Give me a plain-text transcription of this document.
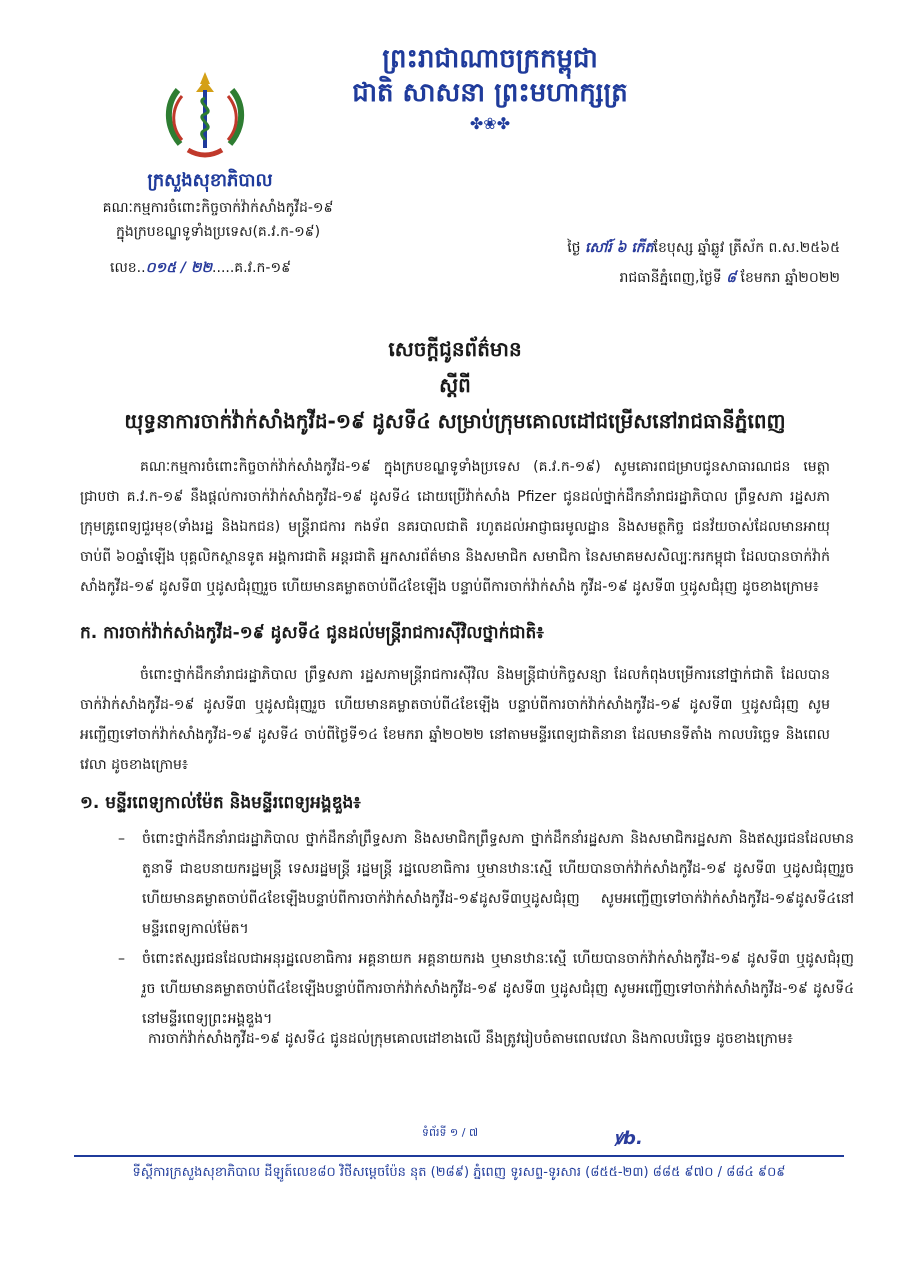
ព្រះរាជាណាចក្រកម្ពុជា
ជាតិ សាសនា ព្រះមហាក្សត្រ
✤❀✤
ក្រសួងសុខាភិបាល
គណៈកម្មការចំពោះកិច្ចចាក់វ៉ាក់សាំងកូវីដ-១៩
ក្នុងក្របខណ្ឌទូទាំងប្រទេស(គ.វ.ក-១៩)
លេខ..០១៥ / ២២.....គ.វ.ក-១៩
ថ្ងៃ សៅរ៍ ៦ កើតខែបុស្ស ឆ្នាំឆ្លូវ ត្រីស័ក ព.ស.២៥៦៥
រាជធានីភ្នំពេញ,ថ្ងៃទី ៨ ខែមករា ឆ្នាំ២០២២
សេចក្តីជូនព័ត៌មាន
ស្តីពី
យុទ្ធនាការចាក់វ៉ាក់សាំងកូវីដ-១៩ ដូសទី៤ សម្រាប់ក្រុមគោលដៅជម្រើសនៅរាជធានីភ្នំពេញ
គណៈកម្មការចំពោះកិច្ចចាក់វ៉ាក់សាំងកូវីដ-១៩ ក្នុងក្របខណ្ឌទូទាំងប្រទេស (គ.វ.ក-១៩) សូមគោរពជម្រាបជូនសាធារណជន មេត្តាជ្រាបថា គ.វ.ក-១៩ នឹងផ្តល់ការចាក់វ៉ាក់សាំងកូវីដ-១៩ ដូសទី៤ ដោយប្រើវ៉ាក់សាំង Pfizer ជូនដល់ថ្នាក់ដឹកនាំរាជរដ្ឋាភិបាល ព្រឹទ្ធសភា រដ្ឋសភា ក្រុមគ្រូពេទ្យជួរមុខ(ទាំងរដ្ឋ និងឯកជន) មន្ត្រីរាជការ កងទ័ព នគរបាលជាតិ រហូតដល់អាជ្ញាធរមូលដ្ឋាន និងសមត្ថកិច្ច ជនវ័យចាស់ដែលមានអាយុចាប់ពី ៦០ឆ្នាំឡើង បុគ្គលិកស្ថានទូត អង្គការជាតិ អន្តរជាតិ អ្នកសារព័ត៌មាន និងសមាជិក សមាជិកា នៃសមាគមសសិល្បៈករកម្ពុជា ដែលបានចាក់វ៉ាក់សាំងកូវីដ-១៩ ដូសទី៣ ឬដូសជំរុញរួច ហើយមានគម្លាតចាប់ពី៤ខែឡើង បន្ទាប់ពីការចាក់វ៉ាក់សាំង កូវីដ-១៩ ដូសទី៣ ឬដូសជំរុញ ដូចខាងក្រោម៖
ក. ការចាក់វ៉ាក់សាំងកូវីដ-១៩ ដូសទី៤ ជូនដល់មន្ត្រីរាជការស៊ីវិលថ្នាក់ជាតិ៖
ចំពោះថ្នាក់ដឹកនាំរាជរដ្ឋាភិបាល ព្រឹទ្ធសភា រដ្ឋសភាមន្ត្រីរាជការស៊ីវិល និងមន្ត្រីជាប់កិច្ចសន្យា ដែលកំពុងបម្រើការនៅថ្នាក់ជាតិ ដែលបានចាក់វ៉ាក់សាំងកូវីដ-១៩ ដូសទី៣ ឬដូសជំរុញរួច ហើយមានគម្លាតចាប់ពី៤ខែឡើង បន្ទាប់ពីការចាក់វ៉ាក់សាំងកូវីដ-១៩ ដូសទី៣ ឬដូសជំរុញ សូមអញ្ជើញទៅចាក់វ៉ាក់សាំងកូវីដ-១៩ ដូសទី៤ ចាប់ពីថ្ងៃទី១៤ ខែមករា ឆ្នាំ២០២២ នៅតាមមន្ទីរពេទ្យជាតិនានា ដែលមានទីតាំង កាលបរិច្ឆេទ និងពេលវេលា ដូចខាងក្រោម៖
១. មន្ទីរពេទ្យកាល់ម៉ែត និងមន្ទីរពេទ្យអង្គឌួង៖
– ចំពោះថ្នាក់ដឹកនាំរាជរដ្ឋាភិបាល ថ្នាក់ដឹកនាំព្រឹទ្ធសភា និងសមាជិកព្រឹទ្ធសភា ថ្នាក់ដឹកនាំរដ្ឋសភា និងសមាជិករដ្ឋសភា និងឥស្សរជនដែលមានតួនាទី ជាឧបនាយករដ្ឋមន្ត្រី ទេសរដ្ឋមន្ត្រី រដ្ឋមន្ត្រី រដ្ឋលេខាធិការ ឬមានឋានៈស្មើ ហើយបានចាក់វ៉ាក់សាំងកូវីដ-១៩ ដូសទី៣ ឬដូសជំរុញរួច ហើយមានគម្លាតចាប់ពី៤ខែឡើងបន្ទាប់ពីការចាក់វ៉ាក់សាំងកូវីដ-១៩ដូសទី៣ឬដូសជំរុញ សូមអញ្ជើញទៅចាក់វ៉ាក់សាំងកូវីដ-១៩ដូសទី៤នៅមន្ទីរពេទ្យកាល់ម៉ែត។
– ចំពោះឥស្សរជនដែលជាអនុរដ្ឋលេខាធិការ អគ្គនាយក អគ្គនាយករង ឬមានឋានៈស្មើ ហើយបានចាក់វ៉ាក់សាំងកូវីដ-១៩ ដូសទី៣ ឬដូសជំរុញរួច ហើយមានគម្លាតចាប់ពី៤ខែឡើងបន្ទាប់ពីការចាក់វ៉ាក់សាំងកូវីដ-១៩ ដូសទី៣ ឬដូសជំរុញ សូមអញ្ជើញទៅចាក់វ៉ាក់សាំងកូវីដ-១៩ ដូសទី៤ នៅមន្ទីរពេទ្យព្រះអង្គឌួង។
ការចាក់វ៉ាក់សាំងកូវីដ-១៩ ដូសទី៤ ជូនដល់ក្រុមគោលដៅខាងលើ នឹងត្រូវរៀបចំតាមពេលវេលា និងកាលបរិច្ឆេទ ដូចខាងក្រោម៖
ទំព័រទី ១ / ៧	ꝟb.
ទីស្តីការក្រសួងសុខាភិបាល ដីឡូត៍លេខ៨០ វិថីសម្តេចប៉ែន នុត (២៨៩) ភ្នំពេញ ទូរសព្ទ-ទូរសារ (៨៥៥-២៣) ៨៨៥ ៩៧០ / ៨៨៤ ៩០៩
